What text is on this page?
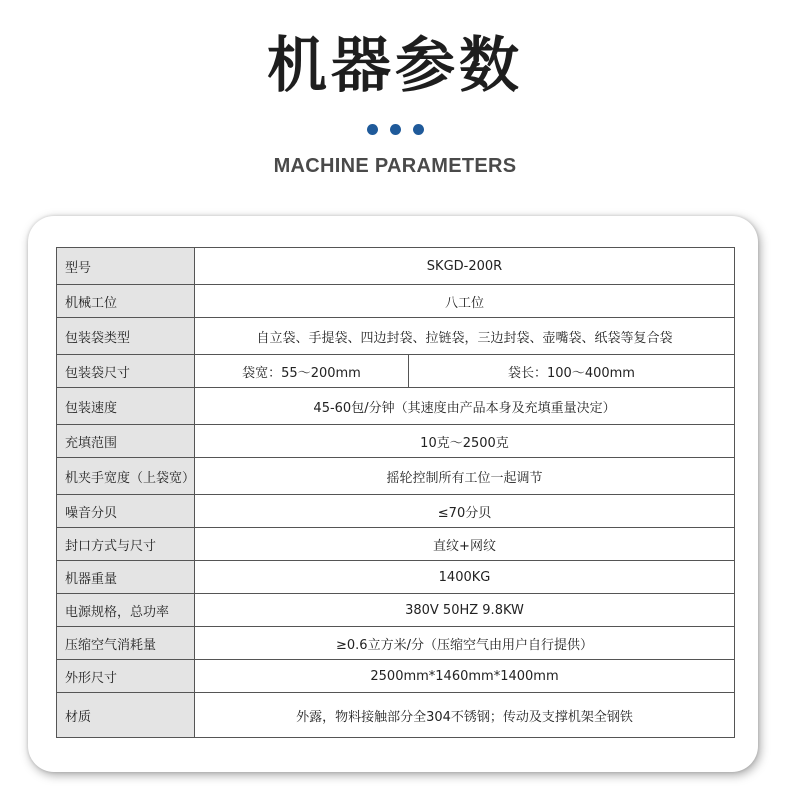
机器参数
MACHINE PARAMETERS
型号	SKGD-200R	
机械工位	八工位	
包装袋类型	自立袋、手提袋、四边封袋、拉链袋，三边封袋、壶嘴袋、纸袋等复合袋	
包装袋尺寸	袋宽：55～200mm	袋长：100～400mm
包装速度	45-60包/分钟（其速度由产品本身及充填重量决定）	
充填范围	10克～2500克	
机夹手宽度（上袋宽）	摇轮控制所有工位一起调节	
噪音分贝	≤70分贝	
封口方式与尺寸	直纹+网纹	
机器重量	1400KG	
电源规格，总功率	380V 50HZ 9.8KW	
压缩空气消耗量	≥0.6立方米/分（压缩空气由用户自行提供）	
外形尺寸	2500mm*1460mm*1400mm	
材质	外露，物料接触部分全304不锈钢；传动及支撑机架全钢铁	
